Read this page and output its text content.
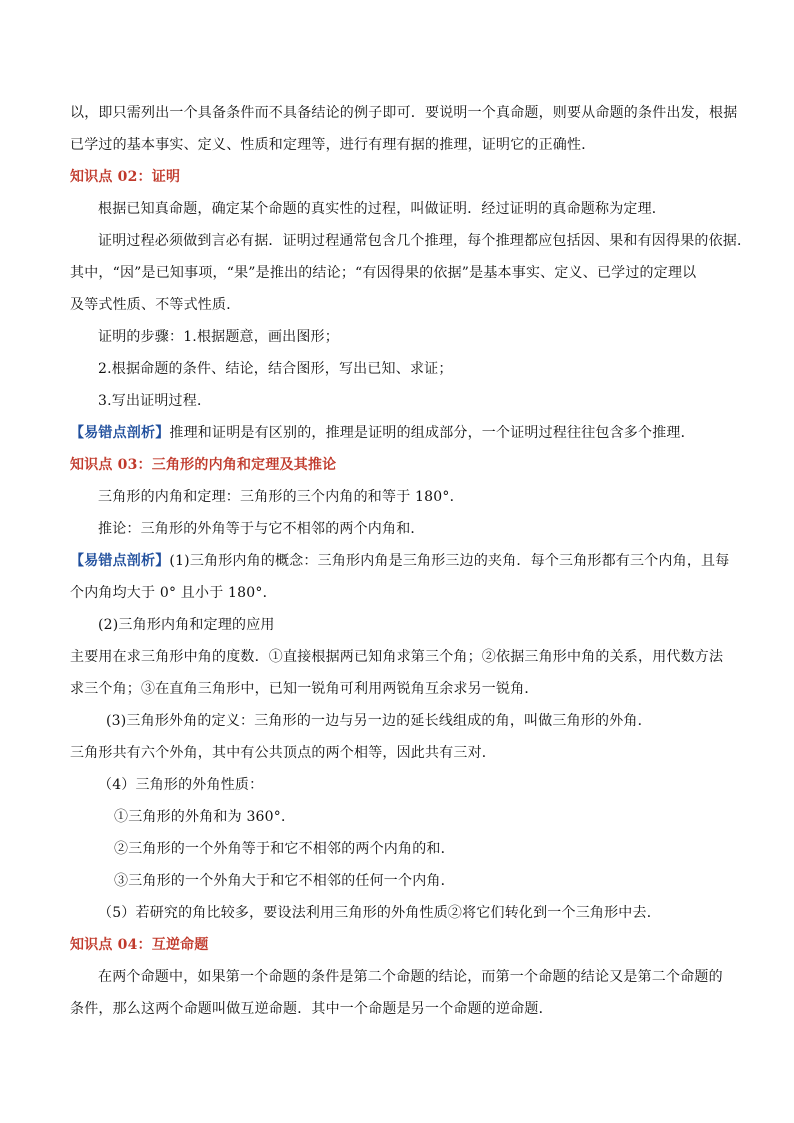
以，即只需列出一个具备条件而不具备结论的例子即可．要说明一个真命题，则要从命题的条件出发，根据

已学过的基本事实、定义、性质和定理等，进行有理有据的推理，证明它的正确性．

知识点 02：证明

根据已知真命题，确定某个命题的真实性的过程，叫做证明．经过证明的真命题称为定理．

证明过程必须做到言必有据．证明过程通常包含几个推理，每个推理都应包括因、果和有因得果的依据．

其中，“因”是已知事项，“果”是推出的结论；“有因得果的依据”是基本事实、定义、已学过的定理以

及等式性质、不等式性质．

证明的步骤：1.根据题意，画出图形；

2.根据命题的条件、结论，结合图形，写出已知、求证；

3.写出证明过程．

【易错点剖析】推理和证明是有区别的，推理是证明的组成部分，一个证明过程往往包含多个推理．

知识点 03：三角形的内角和定理及其推论

三角形的内角和定理：三角形的三个内角的和等于 180°．

推论：三角形的外角等于与它不相邻的两个内角和．

【易错点剖析】(1)三角形内角的概念：三角形内角是三角形三边的夹角．每个三角形都有三个内角，且每

个内角均大于 0° 且小于 180°．

(2)三角形内角和定理的应用

主要用在求三角形中角的度数．①直接根据两已知角求第三个角；②依据三角形中角的关系，用代数方法

求三个角；③在直角三角形中，已知一锐角可利用两锐角互余求另一锐角．

(3)三角形外角的定义：三角形的一边与另一边的延长线组成的角，叫做三角形的外角．

三角形共有六个外角，其中有公共顶点的两个相等，因此共有三对．

（4）三角形的外角性质：

①三角形的外角和为 360°．

②三角形的一个外角等于和它不相邻的两个内角的和．

③三角形的一个外角大于和它不相邻的任何一个内角．

（5）若研究的角比较多，要设法利用三角形的外角性质②将它们转化到一个三角形中去．

知识点 04：互逆命题

在两个命题中，如果第一个命题的条件是第二个命题的结论，而第一个命题的结论又是第二个命题的

条件，那么这两个命题叫做互逆命题．其中一个命题是另一个命题的逆命题．
